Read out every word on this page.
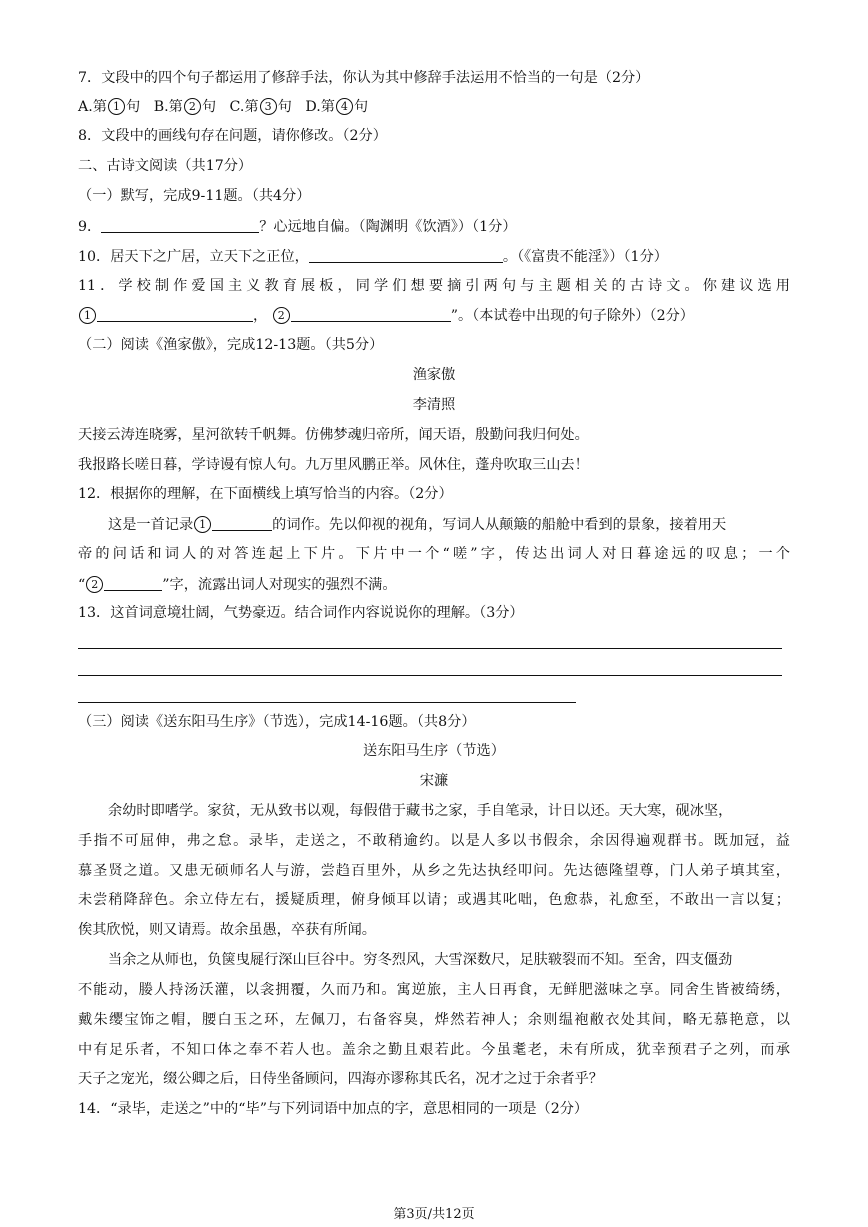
7．文段中的四个句子都运用了修辞手法，你认为其中修辞手法运用不恰当的一句是（2分）
A.第 1 句 B.第 2 句 C.第 3 句 D.第 4 句
8．文段中的画线句存在问题，请你修改。（2分）
二、古诗文阅读（共17分）
（一）默写，完成9-11题。（共4分）
9．	？心远地自偏。（陶渊明《饮酒》）（1分）
10．居天下之广居，立天下之正位，	。（《富贵不能淫》）（1分）
11．学校制作爱国主义教育展板，同学们想要摘引两句与主题相关的古诗文。你建议选用
1	， 2	”。（本试卷中出现的句子除外）（2分）
（二）阅读《渔家傲》，完成12-13题。（共5分）
渔家傲
李清照
天接云涛连晓雾，星河欲转千帆舞。仿佛梦魂归帝所，闻天语，殷勤问我归何处。
我报路长嗟日暮，学诗谩有惊人句。九万里风鹏正举。风休住，蓬舟吹取三山去！
12．根据你的理解，在下面横线上填写恰当的内容。（2分）
这是一首记录 1	的词作。先以仰视的视角，写词人从颠簸的船舱中看到的景象，接着用天
帝的问话和词人的对答连起上下片。下片中一个“嗟”字，传达出词人对日暮途远的叹息；一个
“ 2	”字，流露出词人对现实的强烈不满。
13．这首词意境壮阔，气势豪迈。结合词作内容说说你的理解。（3分）
（三）阅读《送东阳马生序》（节选），完成14-16题。（共8分）
送东阳马生序（节选）
宋濂
余幼时即嗜学。家贫，无从致书以观，每假借于藏书之家，手自笔录，计日以还。天大寒，砚冰坚，
手指不可屈伸，弗之怠。录毕，走送之，不敢稍逾约。以是人多以书假余，余因得遍观群书。既加冠，益
慕圣贤之道。又患无硕师名人与游，尝趋百里外，从乡之先达执经叩问。先达德隆望尊，门人弟子填其室，
未尝稍降辞色。余立侍左右，援疑质理，俯身倾耳以请；或遇其叱咄，色愈恭，礼愈至，不敢出一言以复；
俟其欣悦，则又请焉。故余虽愚，卒获有所闻。
当余之从师也，负箧曳屣行深山巨谷中。穷冬烈风，大雪深数尺，足肤皲裂而不知。至舍，四支僵劲
不能动，媵人持汤沃灌，以衾拥覆，久而乃和。寓逆旅，主人日再食，无鲜肥滋味之享。同舍生皆被绮绣，
戴朱缨宝饰之帽，腰白玉之环，左佩刀，右备容臭，烨然若神人；余则缊袍敝衣处其间，略无慕艳意，以
中有足乐者，不知口体之奉不若人也。盖余之勤且艰若此。今虽耄老，未有所成，犹幸预君子之列，而承
天子之宠光，缀公卿之后，日侍坐备顾问，四海亦谬称其氏名，况才之过于余者乎？
14．“录毕，走送之”中的“毕”与下列词语中加点的字，意思相同的一项是（2分）
第3页/共12页
